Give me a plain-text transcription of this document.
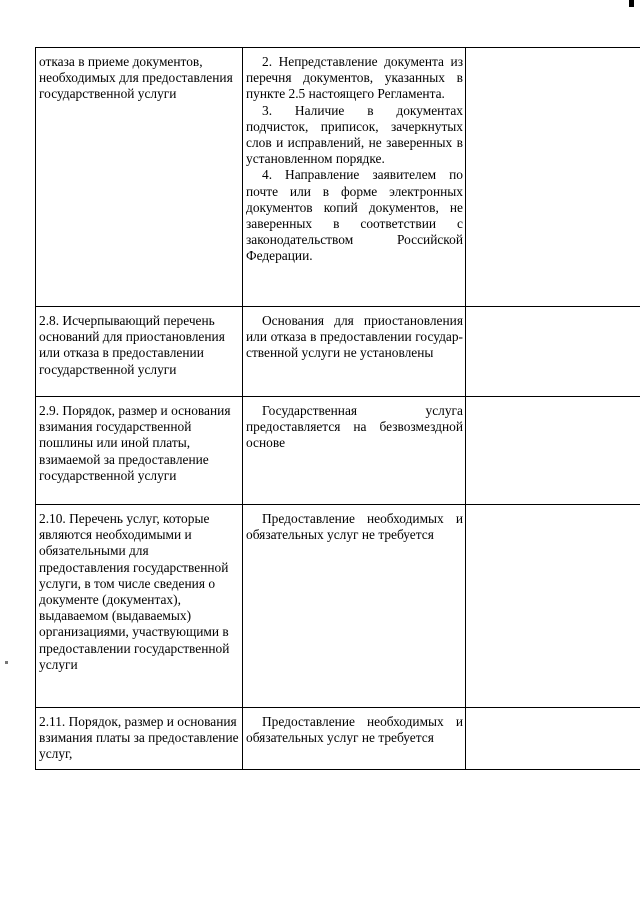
отказа в приеме документов, необходимых для предоставления государственной услуги	2. Непредставление документа из перечня документов, указанных в пункте 2.5 настоящего Регламента.

3. Наличие в документах подчисток, приписок, зачеркнутых слов и исправлений, не заверенных в установленном порядке.

4. Направление заявителем по почте или в форме электронных документов копий документов, не заверенных в соответствии с законодательством Российской Федерации.	

2.8. Исчерпывающий перечень оснований для приостановления или отказа в предоставлении государственной услуги	Основания для приостановления или отказа в предоставлении государственной услуги не установлены	

2.9. Порядок, размер и основания взимания государственной пошлины или иной платы, взимаемой за предоставление государственной услуги	Государственная услуга предоставляется на безвозмездной основе	

2.10. Перечень услуг, которые являются необходимыми и обязательными для предоставления государственной услуги, в том числе сведения о документе (документах), выдаваемом (выдаваемых) организациями, участвующими в предоставлении государственной услуги	Предоставление необходимых и обязательных услуг не требуется	

2.11. Порядок, размер и основания взимания платы за предоставление услуг,	Предоставление необходимых и обязательных услуг не требуется	
